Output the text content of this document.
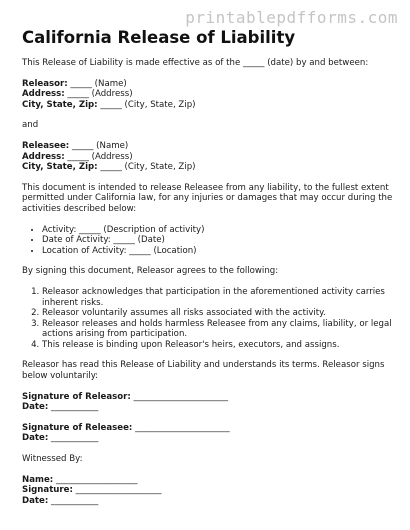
printablepdfforms.com
California Release of Liability

This Release of Liability is made effective as of the _____ (date) by and between:

Releasor: _____ (Name)
Address: _____ (Address)
City, State, Zip: _____ (City, State, Zip)

and

Releasee: _____ (Name)
Address: _____ (Address)
City, State, Zip: _____ (City, State, Zip)

This document is intended to release Releasee from any liability, to the fullest extent permitted under California law, for any injuries or damages that may occur during the activities described below:

• Activity: _____ (Description of activity)
• Date of Activity: _____ (Date)
• Location of Activity: _____ (Location)

By signing this document, Releasor agrees to the following:

1. Releasor acknowledges that participation in the aforementioned activity carries inherent risks.
2. Releasor voluntarily assumes all risks associated with the activity.
3. Releasor releases and holds harmless Releasee from any claims, liability, or legal actions arising from participation.
4. This release is binding upon Releasor's heirs, executors, and assigns.

Releasor has read this Release of Liability and understands its terms. Releasor signs below voluntarily:

Signature of Releasor: ______________________
Date: ___________
Signature of Releasee: ______________________
Date: ___________

Witnessed By:

Name: ___________________
Signature: ____________________
Date: ___________
